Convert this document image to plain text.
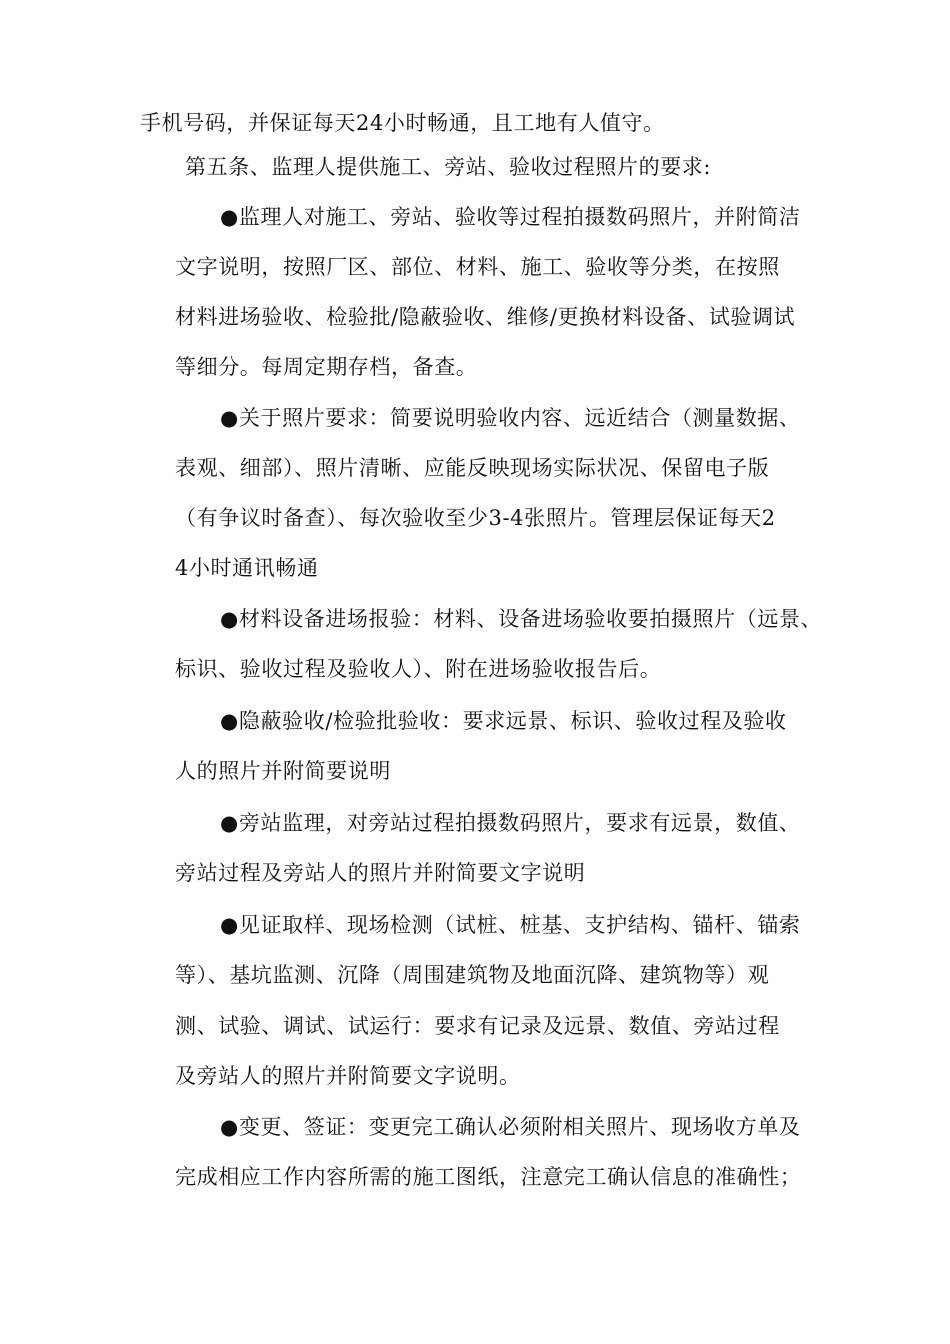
手机号码，并保证每天24小时畅通，且工地有人值守。
第五条、监理人提供施工、旁站、验收过程照片的要求:
●监理人对施工、旁站、验收等过程拍摄数码照片，并附简洁
文字说明，按照厂区、部位、材料、施工、验收等分类，在按照
材料进场验收、检验批/隐蔽验收、维修/更换材料设备、试验调试
等细分。每周定期存档，备查。
●关于照片要求：简要说明验收内容、远近结合（测量数据、
表观、细部）、照片清晰、应能反映现场实际状况、保留电子版
（有争议时备查）、每次验收至少3-4张照片。管理层保证每天2
4小时通讯畅通
●材料设备进场报验：材料、设备进场验收要拍摄照片（远景、
标识、验收过程及验收人）、附在进场验收报告后。
●隐蔽验收/检验批验收：要求远景、标识、验收过程及验收
人的照片并附简要说明
●旁站监理，对旁站过程拍摄数码照片，要求有远景，数值、
旁站过程及旁站人的照片并附简要文字说明
●见证取样、现场检测（试桩、桩基、支护结构、锚杆、锚索
等）、基坑监测、沉降（周围建筑物及地面沉降、建筑物等）观
测、试验、调试、试运行：要求有记录及远景、数值、旁站过程
及旁站人的照片并附简要文字说明。
●变更、签证：变更完工确认必须附相关照片、现场收方单及
完成相应工作内容所需的施工图纸，注意完工确认信息的准确性；
